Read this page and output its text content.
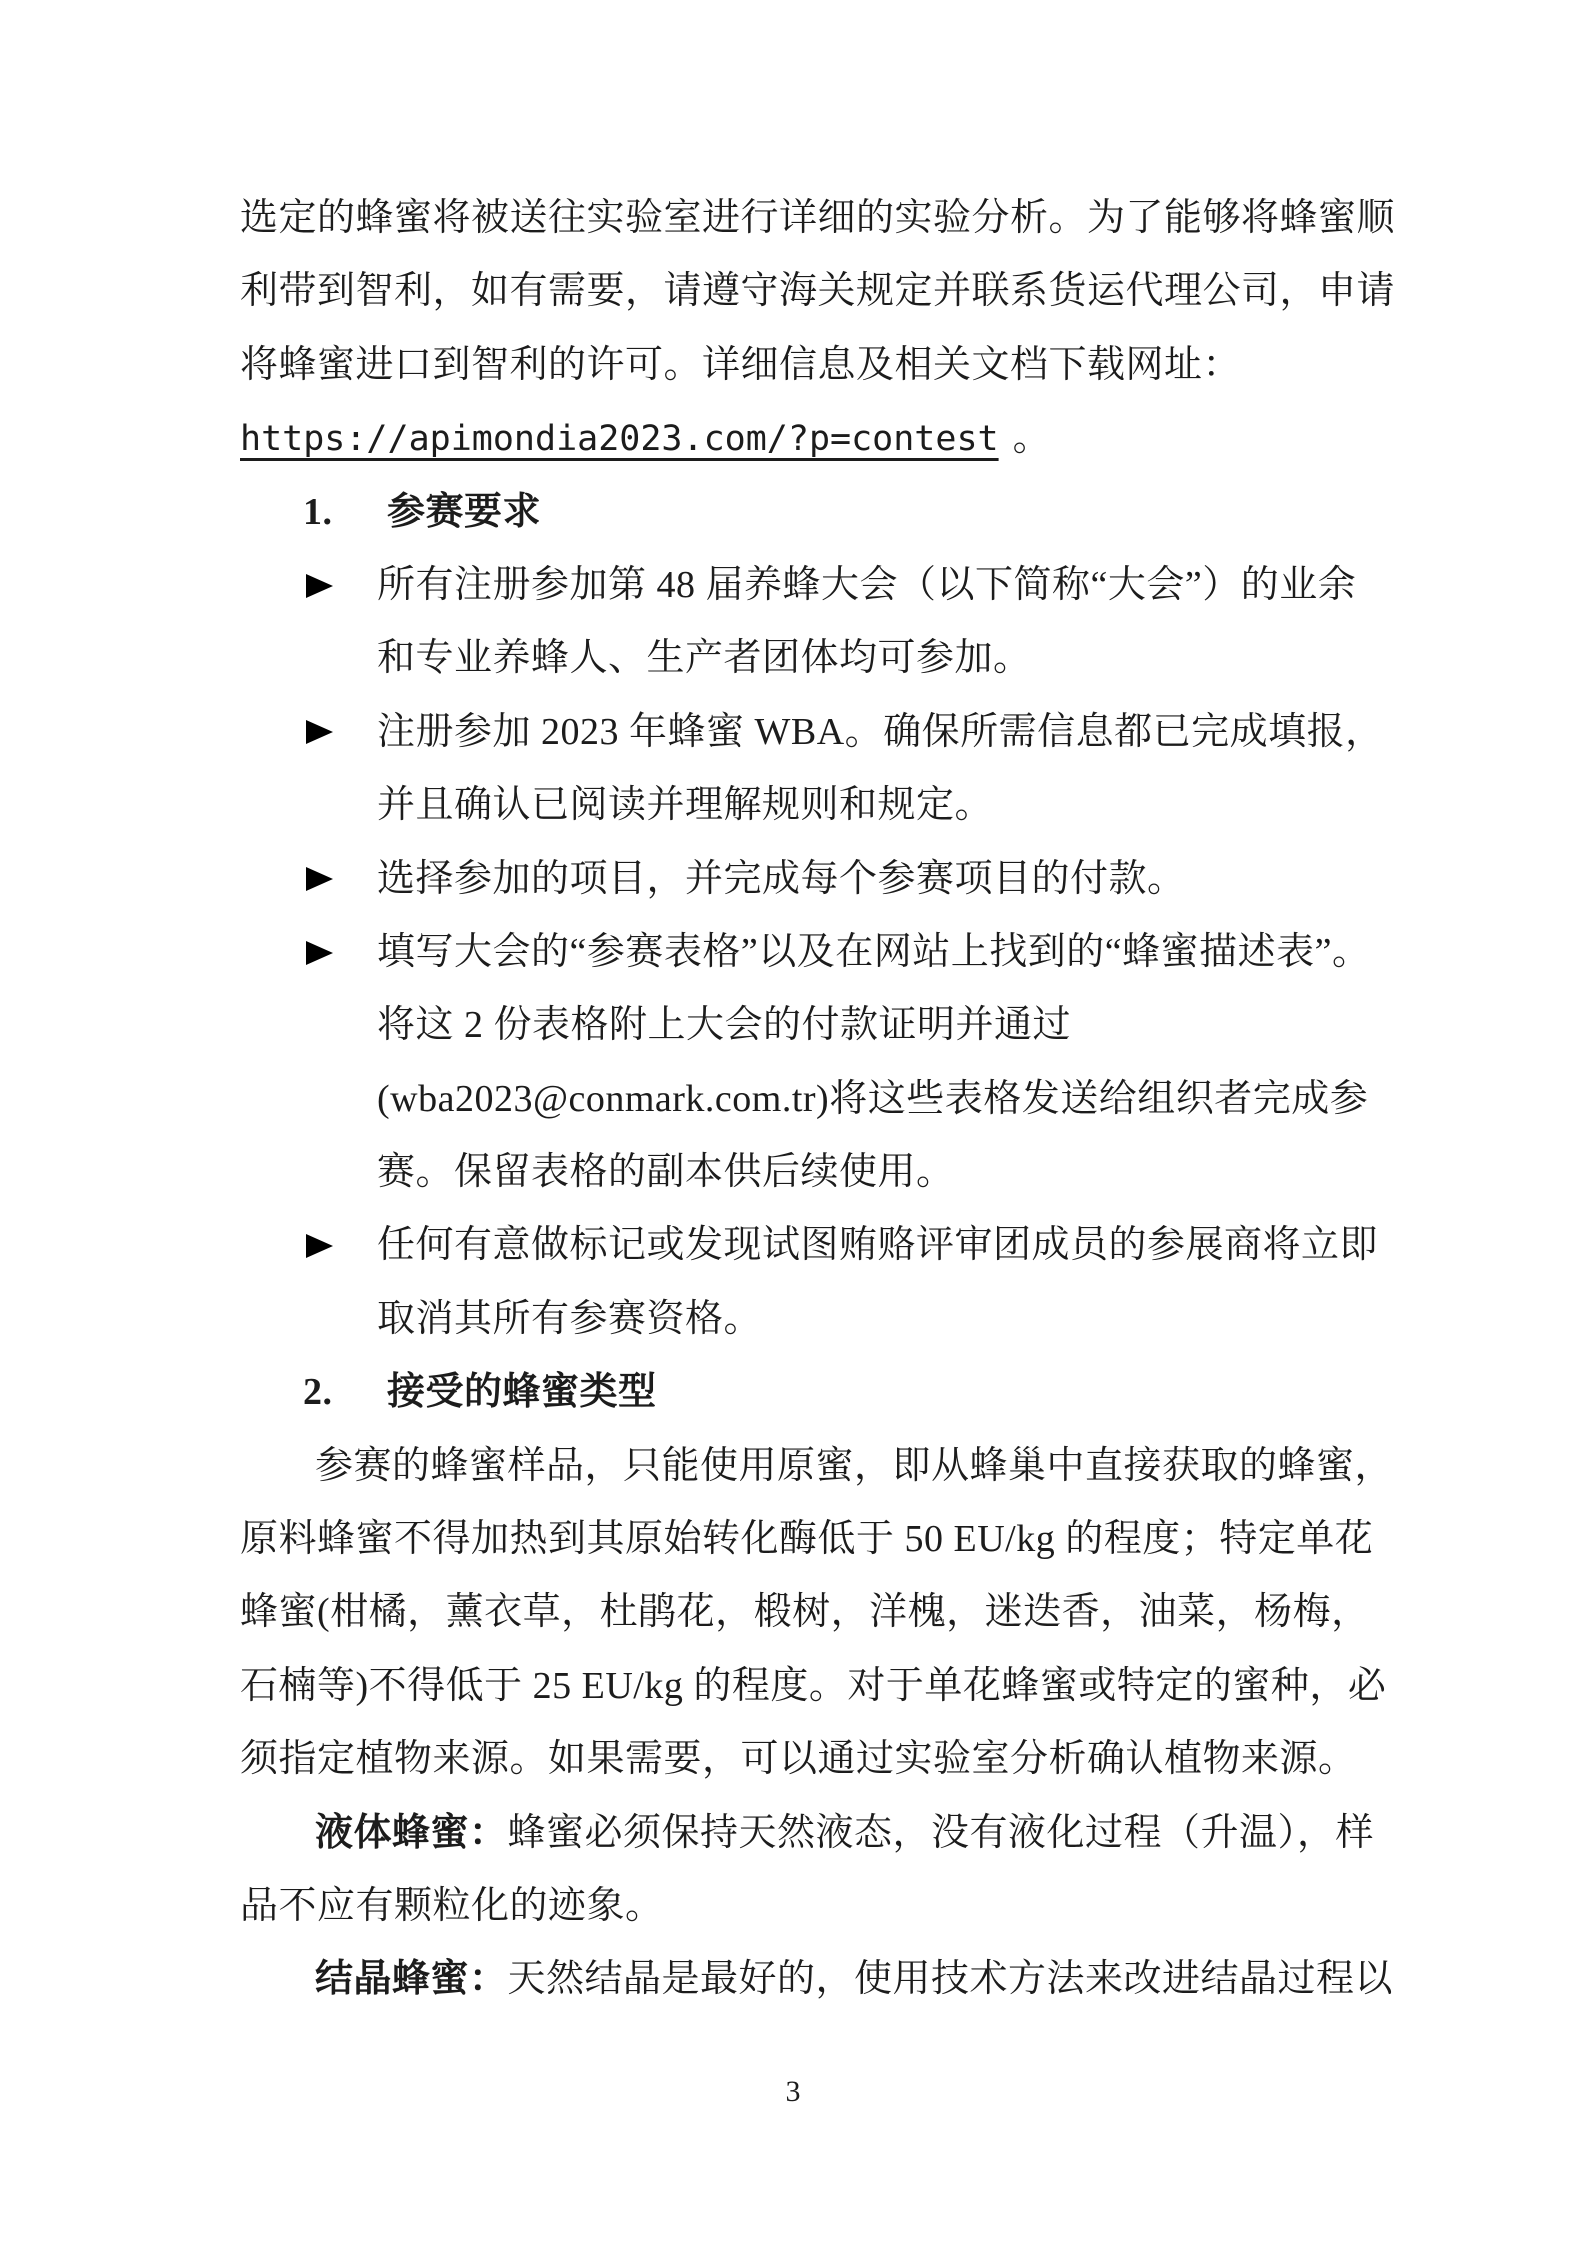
选定的蜂蜜将被送往实验室进行详细的实验分析。为了能够将蜂蜜顺
利带到智利，如有需要，请遵守海关规定并联系货运代理公司，申请
将蜂蜜进口到智利的许可。详细信息及相关文档下载网址：
https://apimondia2023.com/?p=contest 。
1. 参赛要求
所有注册参加第 48 届养蜂大会（以下简称“大会”）的业余
和专业养蜂人、生产者团体均可参加。
注册参加 2023 年蜂蜜 WBA。确保所需信息都已完成填报，
并且确认已阅读并理解规则和规定。
选择参加的项目，并完成每个参赛项目的付款。
填写大会的“参赛表格”以及在网站上找到的“蜂蜜描述表”。
将这 2 份表格附上大会的付款证明并通过
(wba2023@conmark.com.tr)将这些表格发送给组织者完成参
赛。保留表格的副本供后续使用。
任何有意做标记或发现试图贿赂评审团成员的参展商将立即
取消其所有参赛资格。
2. 接受的蜂蜜类型
参赛的蜂蜜样品，只能使用原蜜，即从蜂巢中直接获取的蜂蜜，
原料蜂蜜不得加热到其原始转化酶低于 50 EU/kg 的程度；特定单花
蜂蜜(柑橘，薰衣草，杜鹃花，椴树，洋槐，迷迭香，油菜，杨梅，
石楠等)不得低于 25 EU/kg 的程度。对于单花蜂蜜或特定的蜜种，必
须指定植物来源。如果需要，可以通过实验室分析确认植物来源。
液体蜂蜜：蜂蜜必须保持天然液态，没有液化过程（升温），样
品不应有颗粒化的迹象。
结晶蜂蜜：天然结晶是最好的，使用技术方法来改进结晶过程以
3
